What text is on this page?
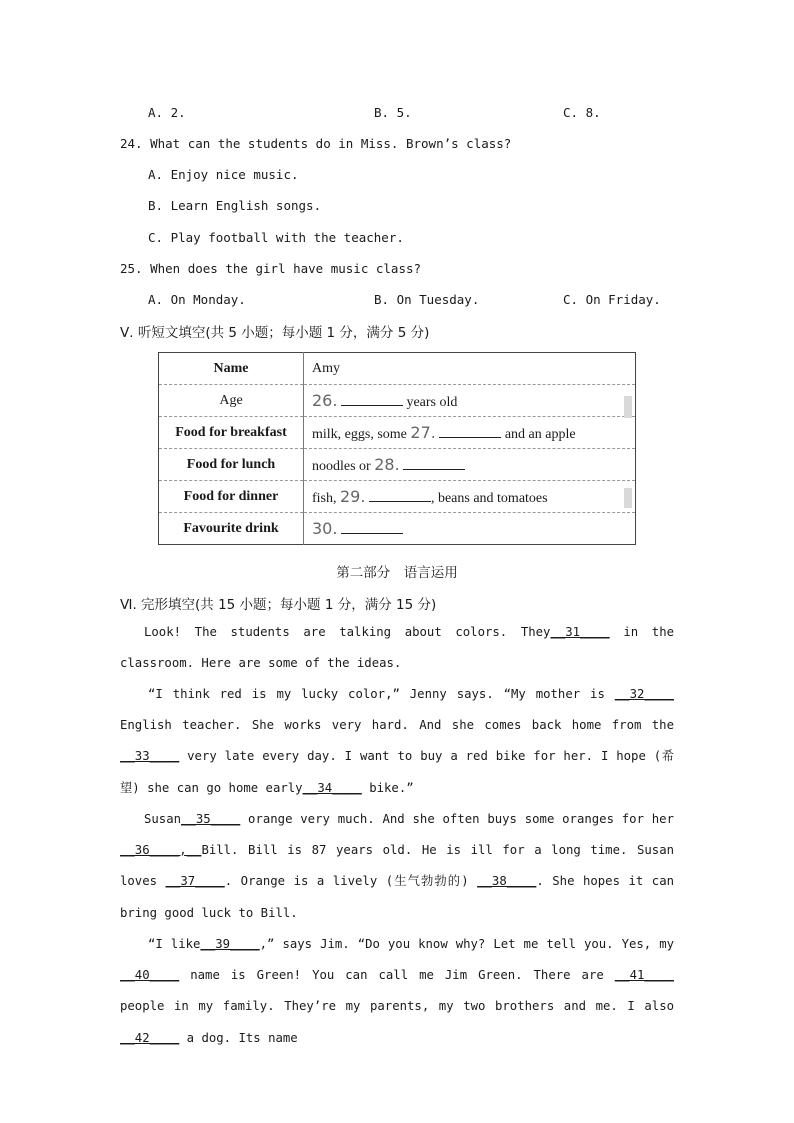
A. 2.	B. 5.	C. 8.
24. What can the students do in Miss. Brown’s class?
A. Enjoy nice music.
B. Learn English songs.
C. Play football with the teacher.
25. When does the girl have music class?
A. On Monday.	B. On Tuesday.	C. On Friday.
Ⅴ. 听短文填空(共 5 小题；每小题 1 分，满分 5 分)
Name	Amy
Age	26. years old
Food for breakfast	milk, eggs, some 27. and an apple
Food for lunch	noodles or 28.
Food for dinner	fish, 29. , beans and tomatoes
Favourite drink	30.
第二部分　语言运用
Ⅵ. 完形填空(共 15 小题；每小题 1 分，满分 15 分)
Look! The students are talking about colors. They__31____ in the classroom. Here are some of the ideas.
“I think red is my lucky color,” Jenny says. “My mother is __32____ English teacher. She works very hard. And she comes back home from the __33____ very late every day. I want to buy a red bike for her. I hope (希望) she can go home early__34____ bike.”
Susan__35____ orange very much. And she often buys some oranges for her __36____,__Bill. Bill is 87 years old. He is ill for a long time. Susan loves __37____. Orange is a lively (生气勃勃的) __38____. She hopes it can bring good luck to Bill.
“I like__39____,” says Jim. “Do you know why? Let me tell you. Yes, my __40____ name is Green! You can call me Jim Green. There are __41____ people in my family. They’re my parents, my two brothers and me. I also __42____ a dog. Its name
